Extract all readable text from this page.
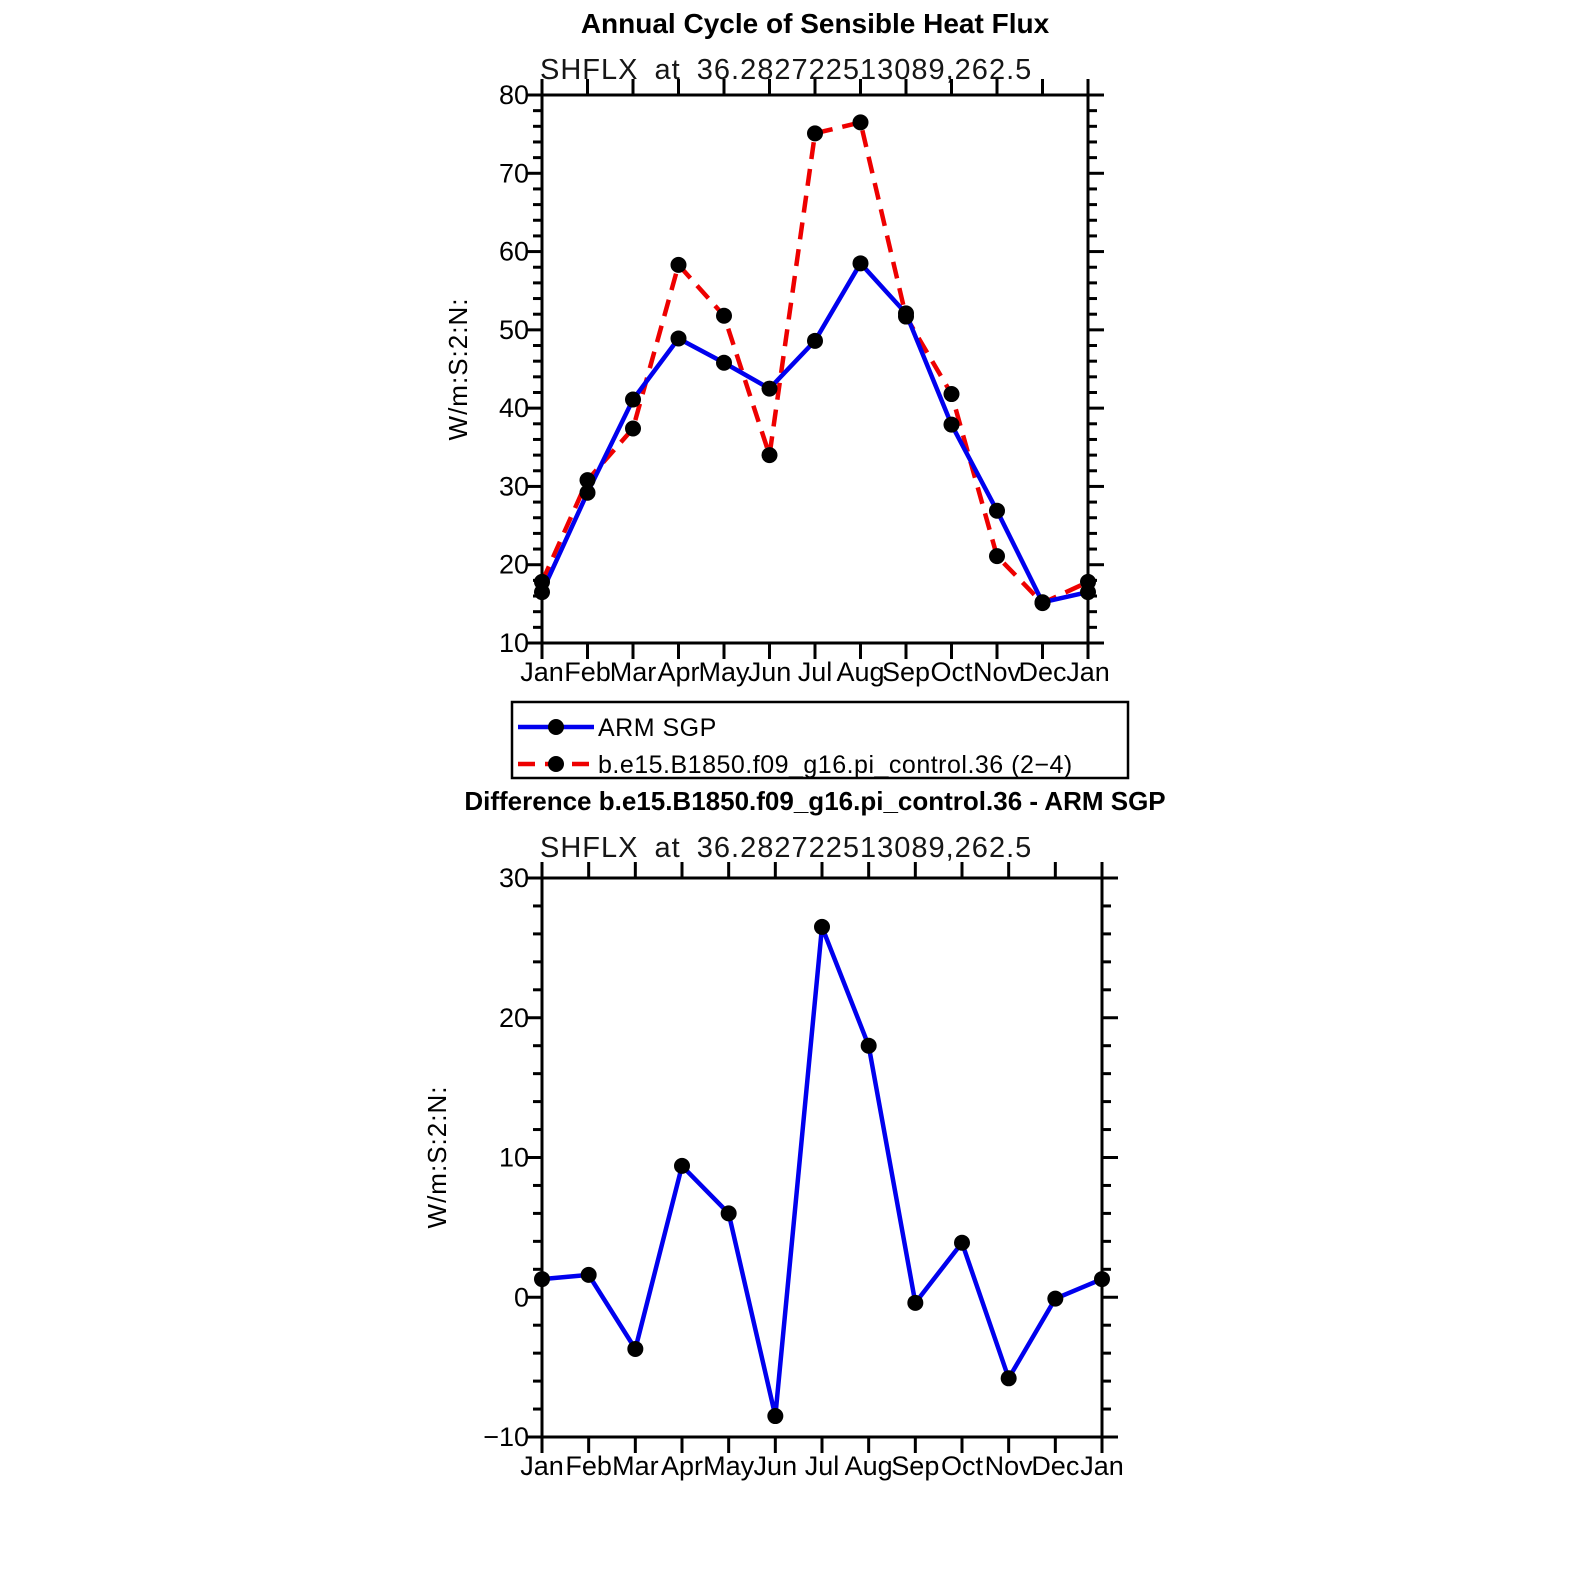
Annual Cycle of Sensible Heat Flux
SHFLX at 36.282722513089,262.5
W/m:S:2:N:
Jan Feb
Mar Apr
May
Jun Jul Aug
Sep Oct Nov
Dec Jan
10
20
30
40
50
60
70
80
ARM SGP
b.e15.B1850.f09_g16.pi_control.36 (2−4)
Difference b.e15.B1850.f09_g16.pi_control.36 - ARM SGP
SHFLX at 36.282722513089,262.5
W/m:S:2:N:
Jan Feb Mar Apr May Jun Jul Aug
Sep Oct Nov
Dec Jan
−10
0
10
20
30
